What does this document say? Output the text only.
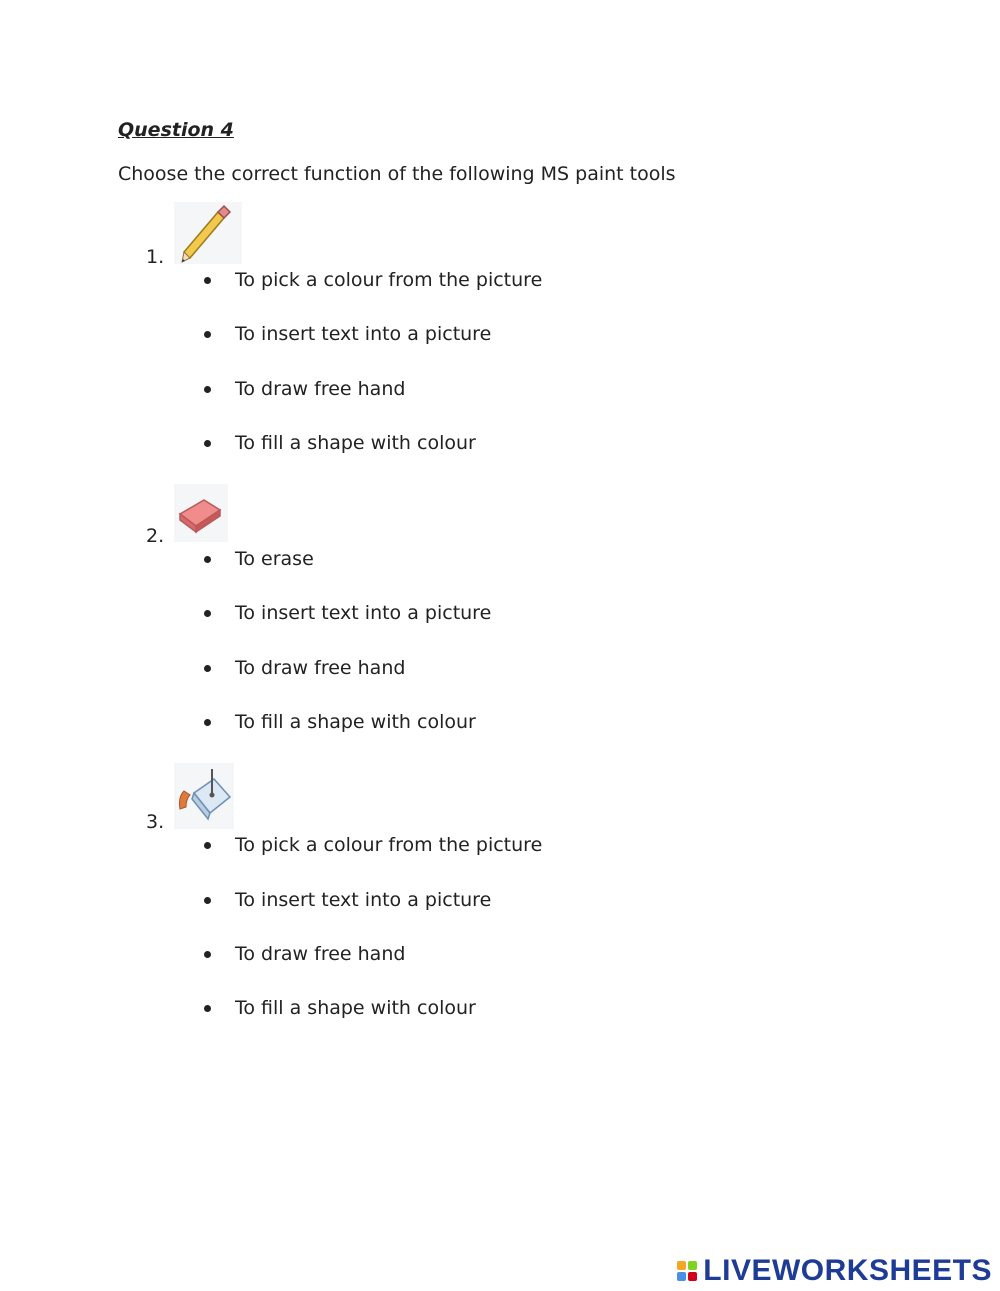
Question 4
Choose the correct function of the following MS paint tools
1.
To pick a colour from the picture
To insert text into a picture
To draw free hand
To fill a shape with colour
2.
To erase
To insert text into a picture
To draw free hand
To fill a shape with colour
3.
To pick a colour from the picture
To insert text into a picture
To draw free hand
To fill a shape with colour
LIVEWORKSHEETS
